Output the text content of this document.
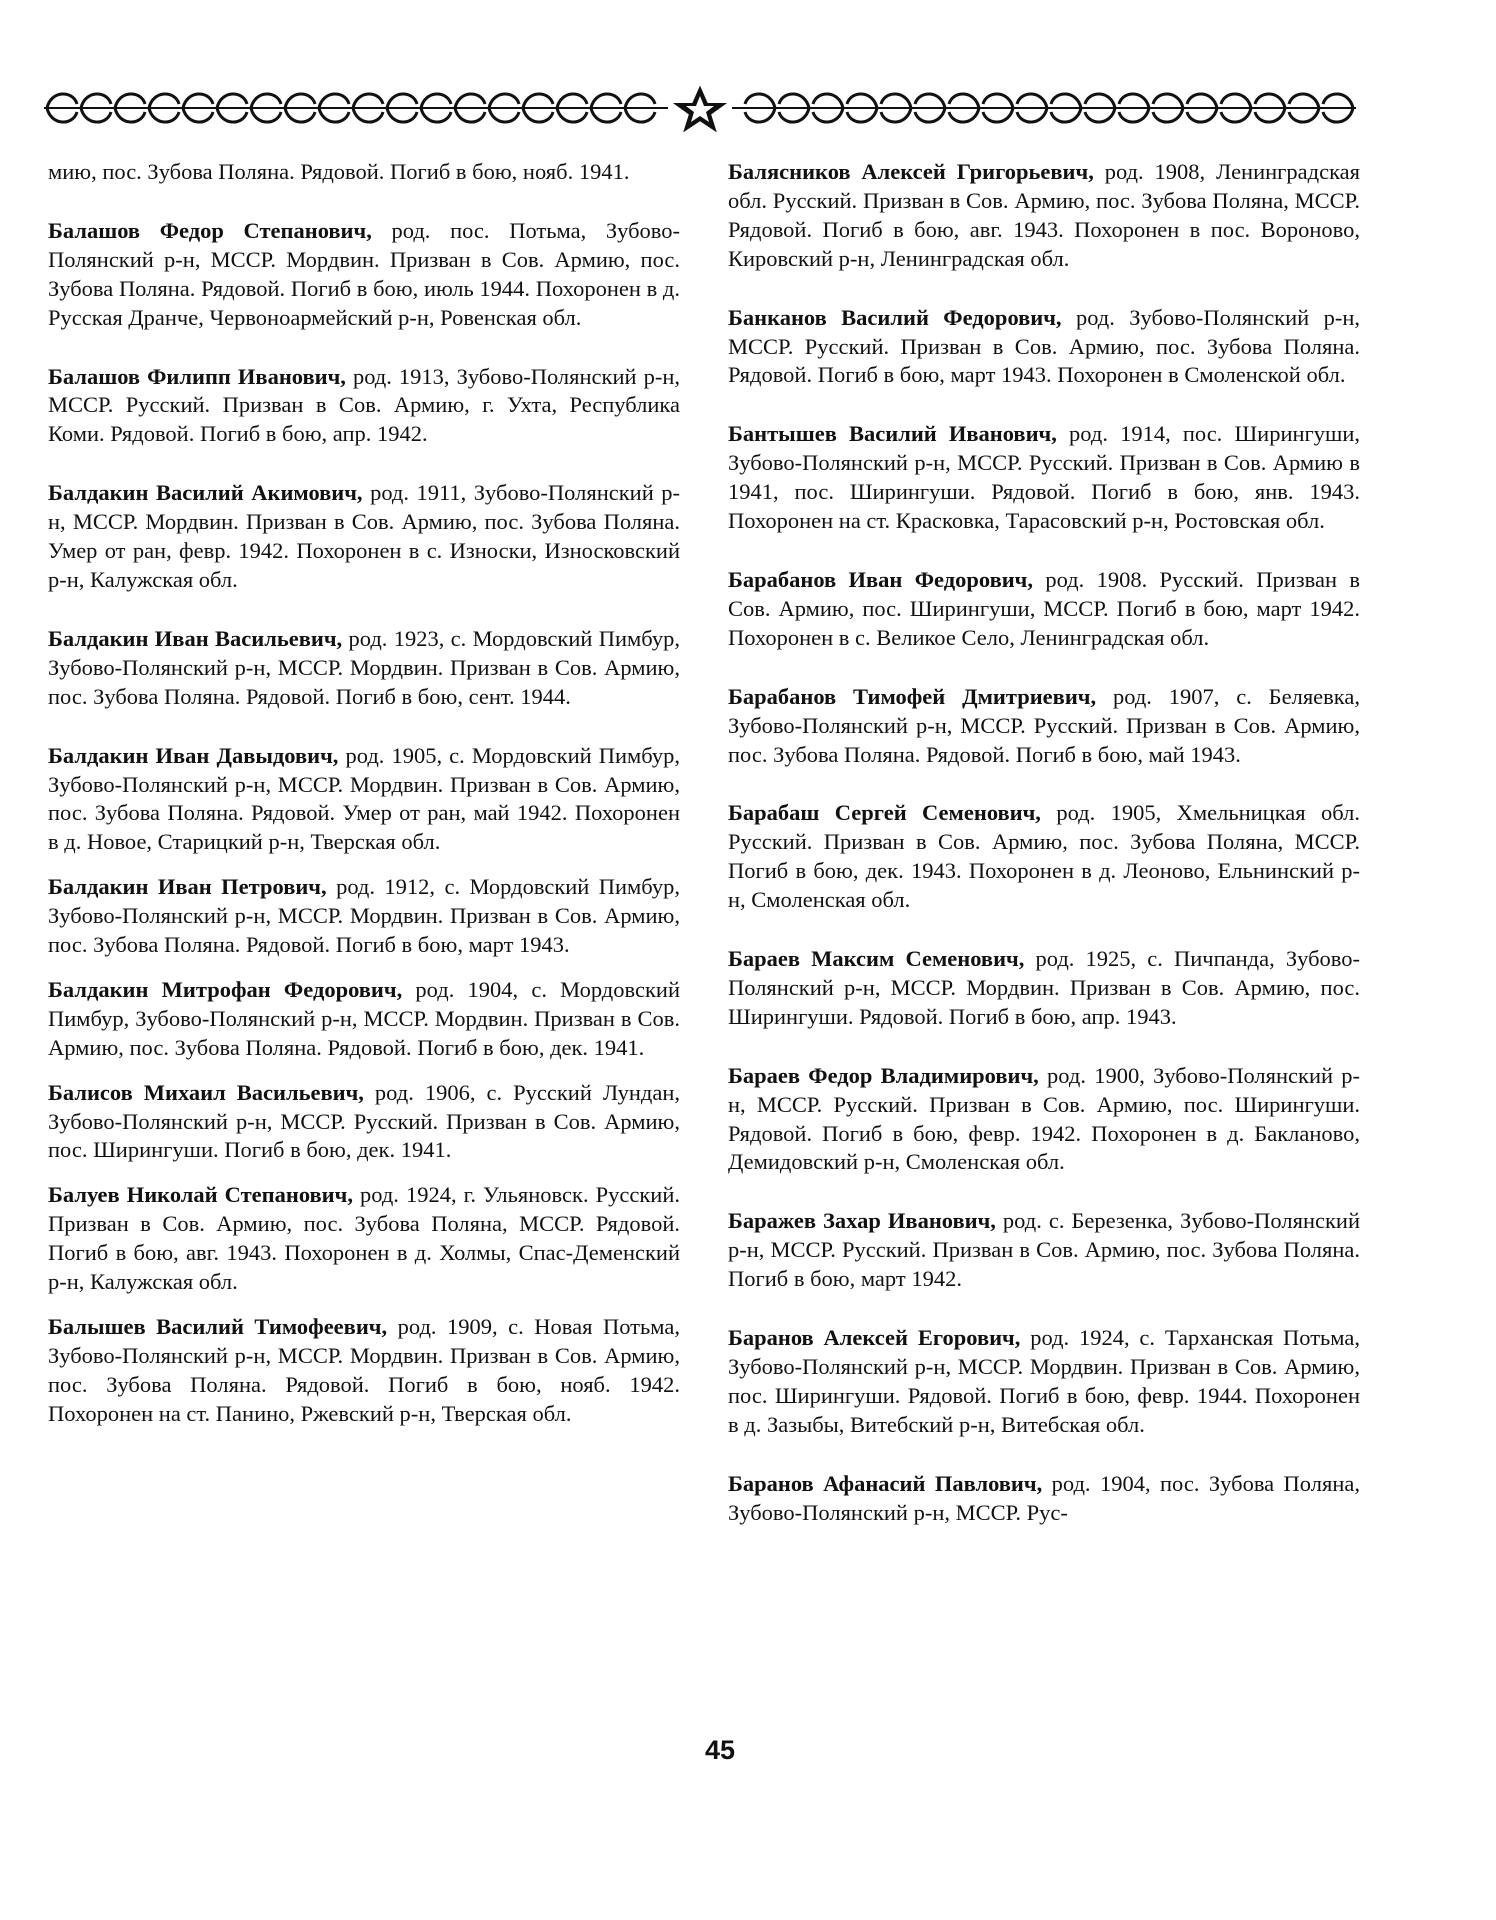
мию, пос. Зубова Поляна. Рядовой. Погиб в бою, нояб. 1941.

Балашов Федор Степанович, род. пос. Потьма, Зубово-Полянский р-н, МССР. Мордвин. Призван в Сов. Армию, пос. Зубова Поляна. Рядовой. Погиб в бою, июль 1944. Похоронен в д. Русская Дранче, Червоноармейский р-н, Ровенская обл.

Балашов Филипп Иванович, род. 1913, Зубово-Полянский р-н, МССР. Русский. Призван в Сов. Армию, г. Ухта, Республика Коми. Рядовой. Погиб в бою, апр. 1942.

Балдакин Василий Акимович, род. 1911, Зубово-Полянский р-н, МССР. Мордвин. Призван в Сов. Армию, пос. Зубова Поляна. Умер от ран, февр. 1942. Похоронен в с. Износки, Износковский р-н, Калужская обл.

Балдакин Иван Васильевич, род. 1923, с. Мордовский Пимбур, Зубово-Полянский р-н, МССР. Мордвин. Призван в Сов. Армию, пос. Зубова Поляна. Рядовой. Погиб в бою, сент. 1944.

Балдакин Иван Давыдович, род. 1905, с. Мордовский Пимбур, Зубово-Полянский р-н, МССР. Мордвин. Призван в Сов. Армию, пос. Зубова Поляна. Рядовой. Умер от ран, май 1942. Похоронен в д. Новое, Старицкий р-н, Тверская обл.

Балдакин Иван Петрович, род. 1912, с. Мордовский Пимбур, Зубово-Полянский р-н, МССР. Мордвин. Призван в Сов. Армию, пос. Зубова Поляна. Рядовой. Погиб в бою, март 1943.

Балдакин Митрофан Федорович, род. 1904, с. Мордовский Пимбур, Зубово-Полянский р-н, МССР. Мордвин. Призван в Сов. Армию, пос. Зубова Поляна. Рядовой. Погиб в бою, дек. 1941.

Балисов Михаил Васильевич, род. 1906, с. Русский Лундан, Зубово-Полянский р-н, МССР. Русский. Призван в Сов. Армию, пос. Ширингуши. Погиб в бою, дек. 1941.

Балуев Николай Степанович, род. 1924, г. Ульяновск. Русский. Призван в Сов. Армию, пос. Зубова Поляна, МССР. Рядовой. Погиб в бою, авг. 1943. Похоронен в д. Холмы, Спас-Деменский р-н, Калужская обл.

Балышев Василий Тимофеевич, род. 1909, с. Новая Потьма, Зубово-Полянский р-н, МССР. Мордвин. Призван в Сов. Армию, пос. Зубова Поляна. Рядовой. Погиб в бою, нояб. 1942. Похоронен на ст. Панино, Ржевский р-н, Тверская обл.

Балясников Алексей Григорьевич, род. 1908, Ленинградская обл. Русский. Призван в Сов. Армию, пос. Зубова Поляна, МССР. Рядовой. Погиб в бою, авг. 1943. Похоронен в пос. Вороново, Кировский р-н, Ленинградская обл.

Банканов Василий Федорович, род. Зубово-Полянский р-н, МССР. Русский. Призван в Сов. Армию, пос. Зубова Поляна. Рядовой. Погиб в бою, март 1943. Похоронен в Смоленской обл.

Бантышев Василий Иванович, род. 1914, пос. Ширингуши, Зубово-Полянский р-н, МССР. Русский. Призван в Сов. Армию в 1941, пос. Ширингуши. Рядовой. Погиб в бою, янв. 1943. Похоронен на ст. Красковка, Тарасовский р-н, Ростовская обл.

Барабанов Иван Федорович, род. 1908. Русский. Призван в Сов. Армию, пос. Ширингуши, МССР. Погиб в бою, март 1942. Похоронен в с. Великое Село, Ленинградская обл.

Барабанов Тимофей Дмитриевич, род. 1907, с. Беляевка, Зубово-Полянский р-н, МССР. Русский. Призван в Сов. Армию, пос. Зубова Поляна. Рядовой. Погиб в бою, май 1943.

Барабаш Сергей Семенович, род. 1905, Хмельницкая обл. Русский. Призван в Сов. Армию, пос. Зубова Поляна, МССР. Погиб в бою, дек. 1943. Похоронен в д. Леоново, Ельнинский р-н, Смоленская обл.

Бараев Максим Семенович, род. 1925, с. Пичпанда, Зубово-Полянский р-н, МССР. Мордвин. Призван в Сов. Армию, пос. Ширингуши. Рядовой. Погиб в бою, апр. 1943.

Бараев Федор Владимирович, род. 1900, Зубово-Полянский р-н, МССР. Русский. Призван в Сов. Армию, пос. Ширингуши. Рядовой. Погиб в бою, февр. 1942. Похоронен в д. Бакланово, Демидовский р-н, Смоленская обл.

Баражев Захар Иванович, род. с. Березенка, Зубово-Полянский р-н, МССР. Русский. Призван в Сов. Армию, пос. Зубова Поляна. Погиб в бою, март 1942.

Баранов Алексей Егорович, род. 1924, с. Тарханская Потьма, Зубово-Полянский р-н, МССР. Мордвин. Призван в Сов. Армию, пос. Ширингуши. Рядовой. Погиб в бою, февр. 1944. Похоронен в д. Зазыбы, Витебский р-н, Витебская обл.

Баранов Афанасий Павлович, род. 1904, пос. Зубова Поляна, Зубово-Полянский р-н, МССР. Рус-

45
